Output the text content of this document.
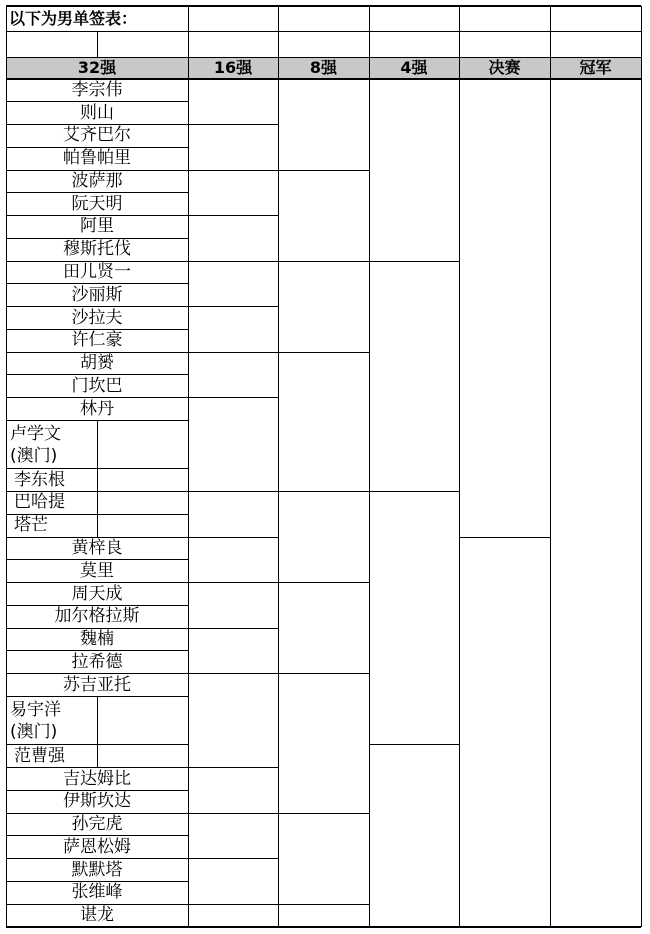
以下为男单签表：
32强	16强	8强	4强	决赛	冠军
李宗伟
则山
艾齐巴尔
帕鲁帕里
波萨那
阮天明
阿里
穆斯托伐
田儿贤一
沙丽斯
沙拉夫
许仁豪
胡赟
门坎巴
林丹
卢学文
(澳门)
李东根
巴哈提
塔芒
黄梓良
莫里
周天成
加尔格拉斯
魏楠
拉希德
苏吉亚托
易宇洋
(澳门)
范曹强
吉达姆比
伊斯坎达
孙完虎
萨恩松姆
默默塔
张维峰
谌龙
